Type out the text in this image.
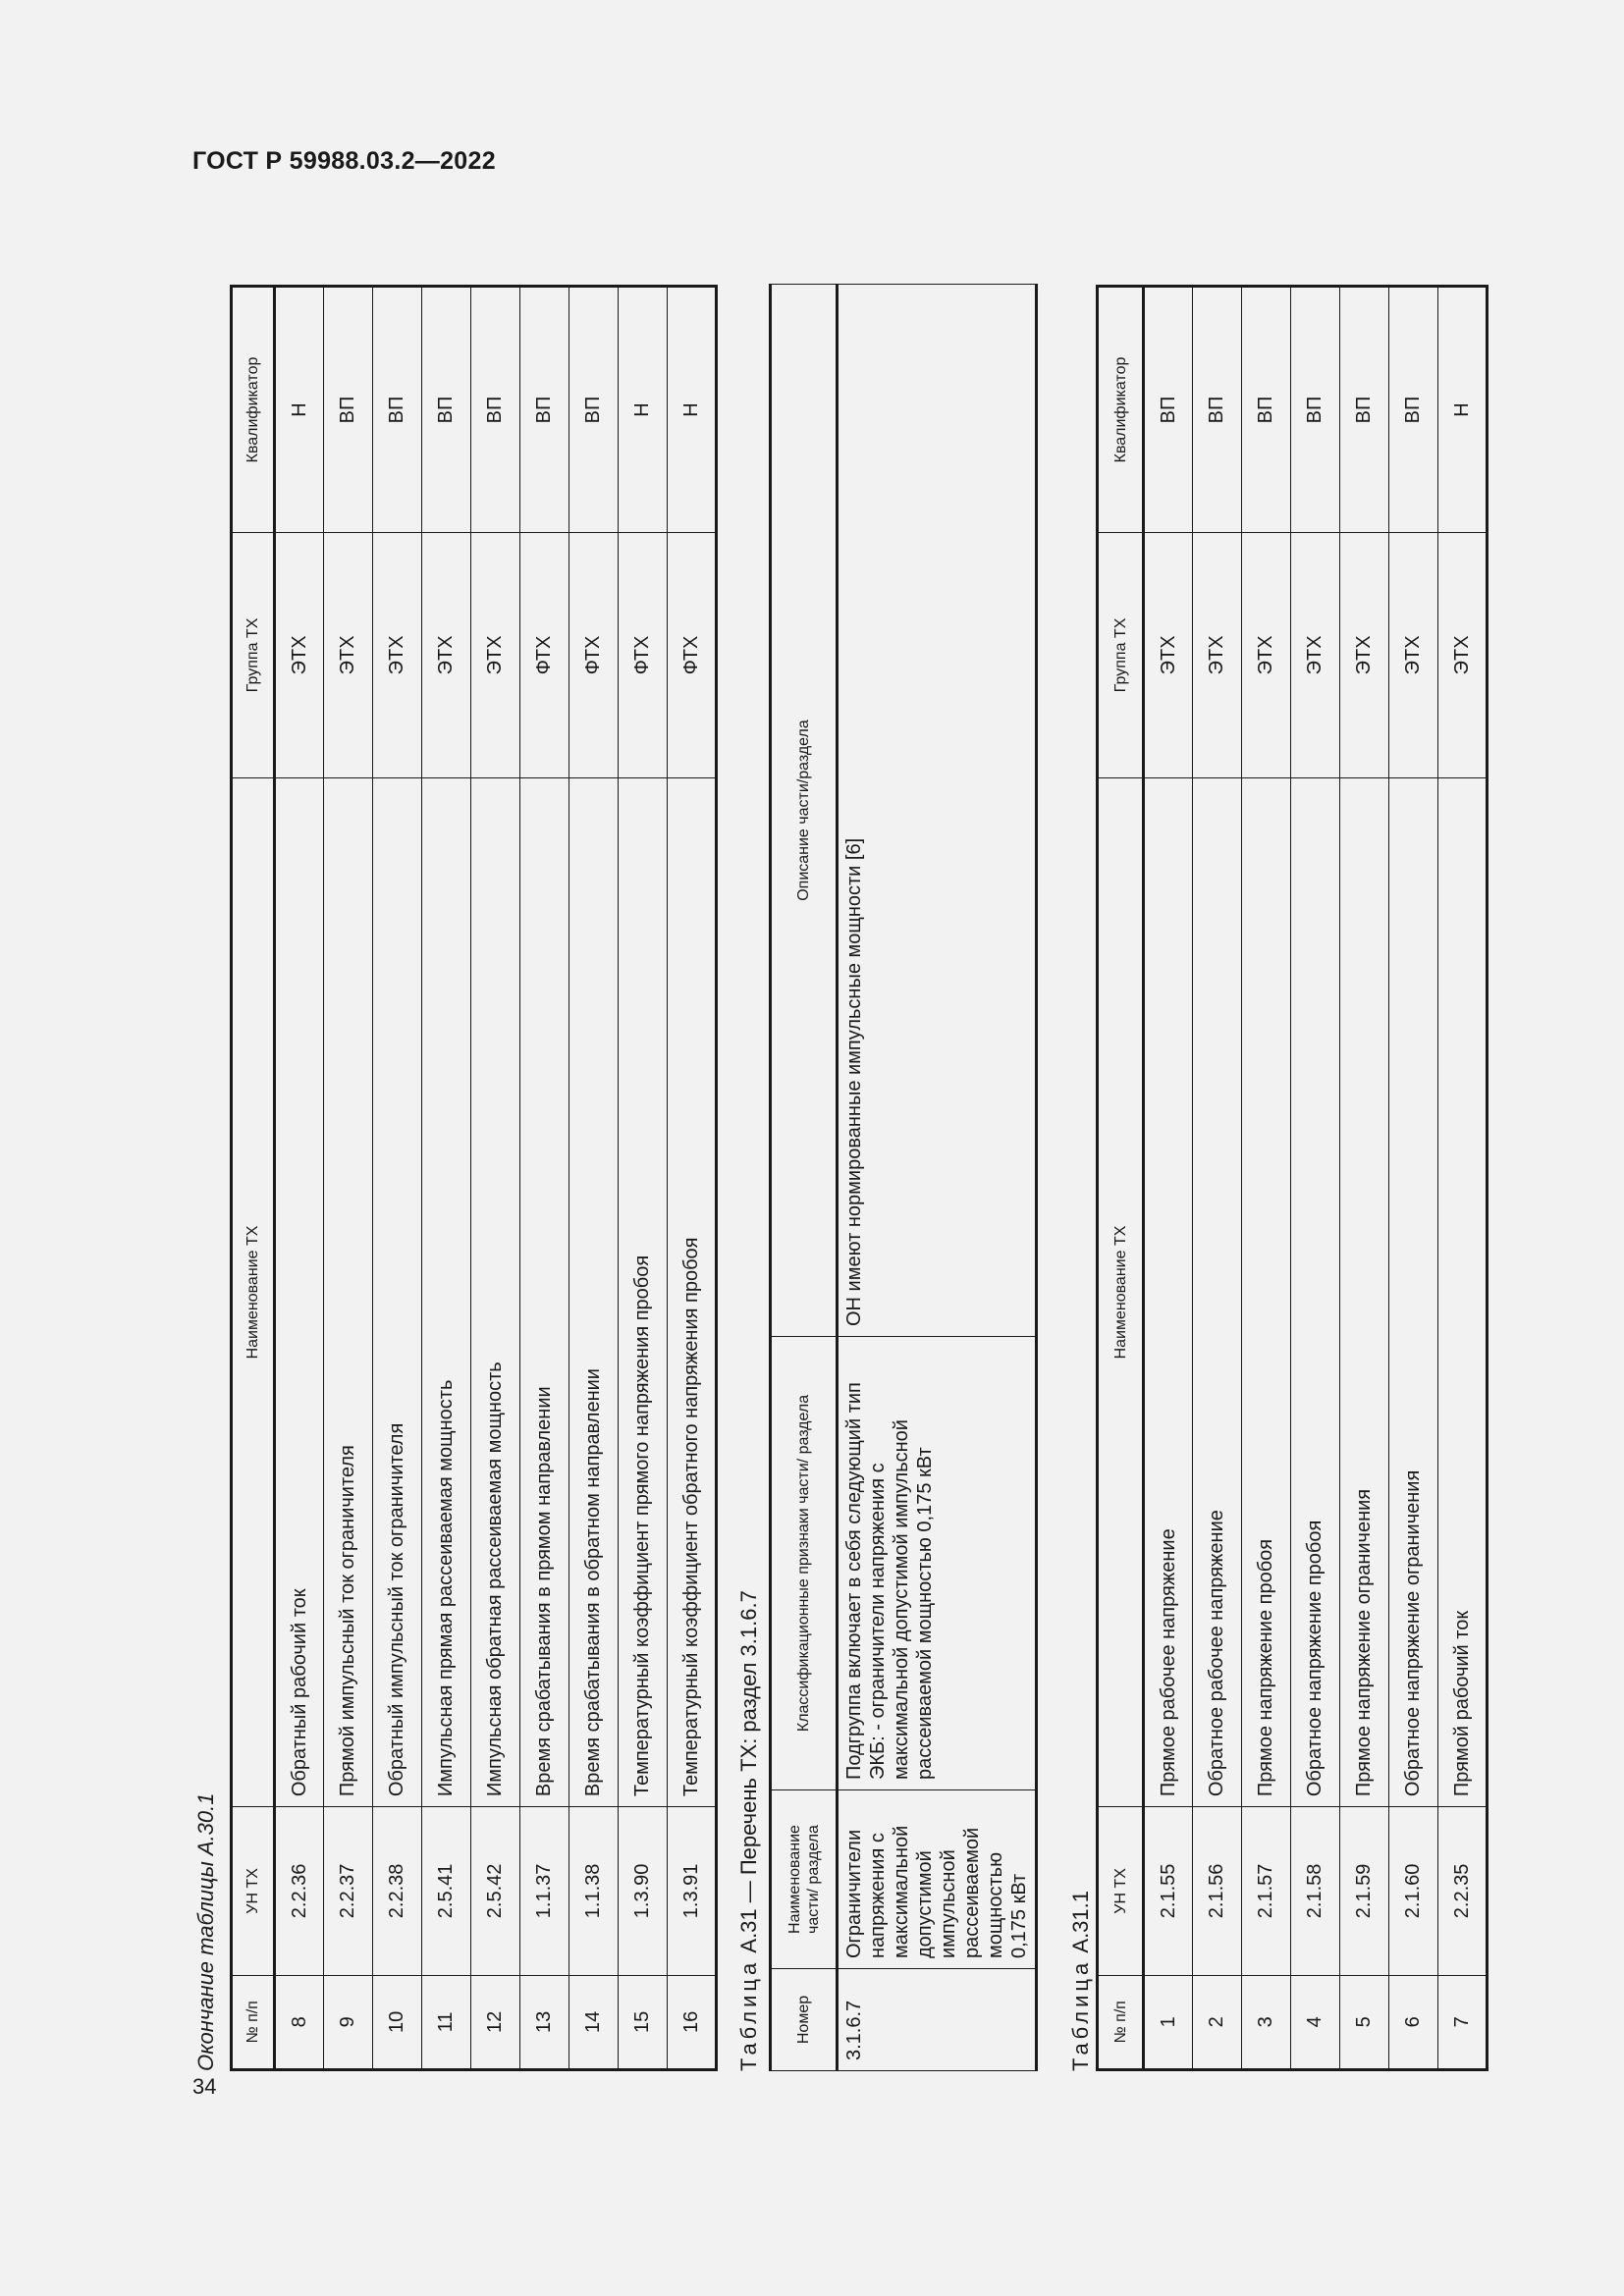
ГОСТ Р 59988.03.2—2022
34
Окончание таблицы А.30.1 № п/п	УН ТХ	Наименование ТХ	Группа ТХ	Квалификатор
8	2.2.36	Обратный рабочий ток	ЭТХ	Н
9	2.2.37	Прямой импульсный ток ограничителя	ЭТХ	ВП
10	2.2.38	Обратный импульсный ток ограничителя	ЭТХ	ВП
11	2.5.41	Импульсная прямая рассеиваемая мощность	ЭТХ	ВП
12	2.5.42	Импульсная обратная рассеиваемая мощность	ЭТХ	ВП
13	1.1.37	Время срабатывания в прямом направлении	ФТХ	ВП
14	1.1.38	Время срабатывания в обратном направлении	ФТХ	ВП
15	1.3.90	Температурный коэффициент прямого напряжения пробоя	ФТХ	Н
16	1.3.91	Температурный коэффициент обратного напряжения пробоя	ФТХ	Н
Таблица А.31 — Перечень ТХ: раздел 3.1.6.7
Номер	Наименование части/ раздела	Классификационные признаки части/ раздела	Описание части/раздела
3.1.6.7	Ограничители напряжения с максимальной допустимой импульсной рассеиваемой мощностью 0,175 кВт	Подгруппа включает в себя следующий тип ЭКБ: - ограничители напряжения с максимальной допустимой импульсной рассеиваемой мощностью 0,175 кВт	ОН имеют нормированные импульсные мощности [6]
Таблица А.31.1
№ п/п	УН ТХ	Наименование ТХ	Группа ТХ	Квалификатор
1	2.1.55	Прямое рабочее напряжение	ЭТХ	ВП
2	2.1.56	Обратное рабочее напряжение	ЭТХ	ВП
3	2.1.57	Прямое напряжение пробоя	ЭТХ	ВП
4	2.1.58	Обратное напряжение пробоя	ЭТХ	ВП
5	2.1.59	Прямое напряжение ограничения	ЭТХ	ВП
6	2.1.60	Обратное напряжение ограничения	ЭТХ	ВП
7	2.2.35	Прямой рабочий ток	ЭТХ	Н
